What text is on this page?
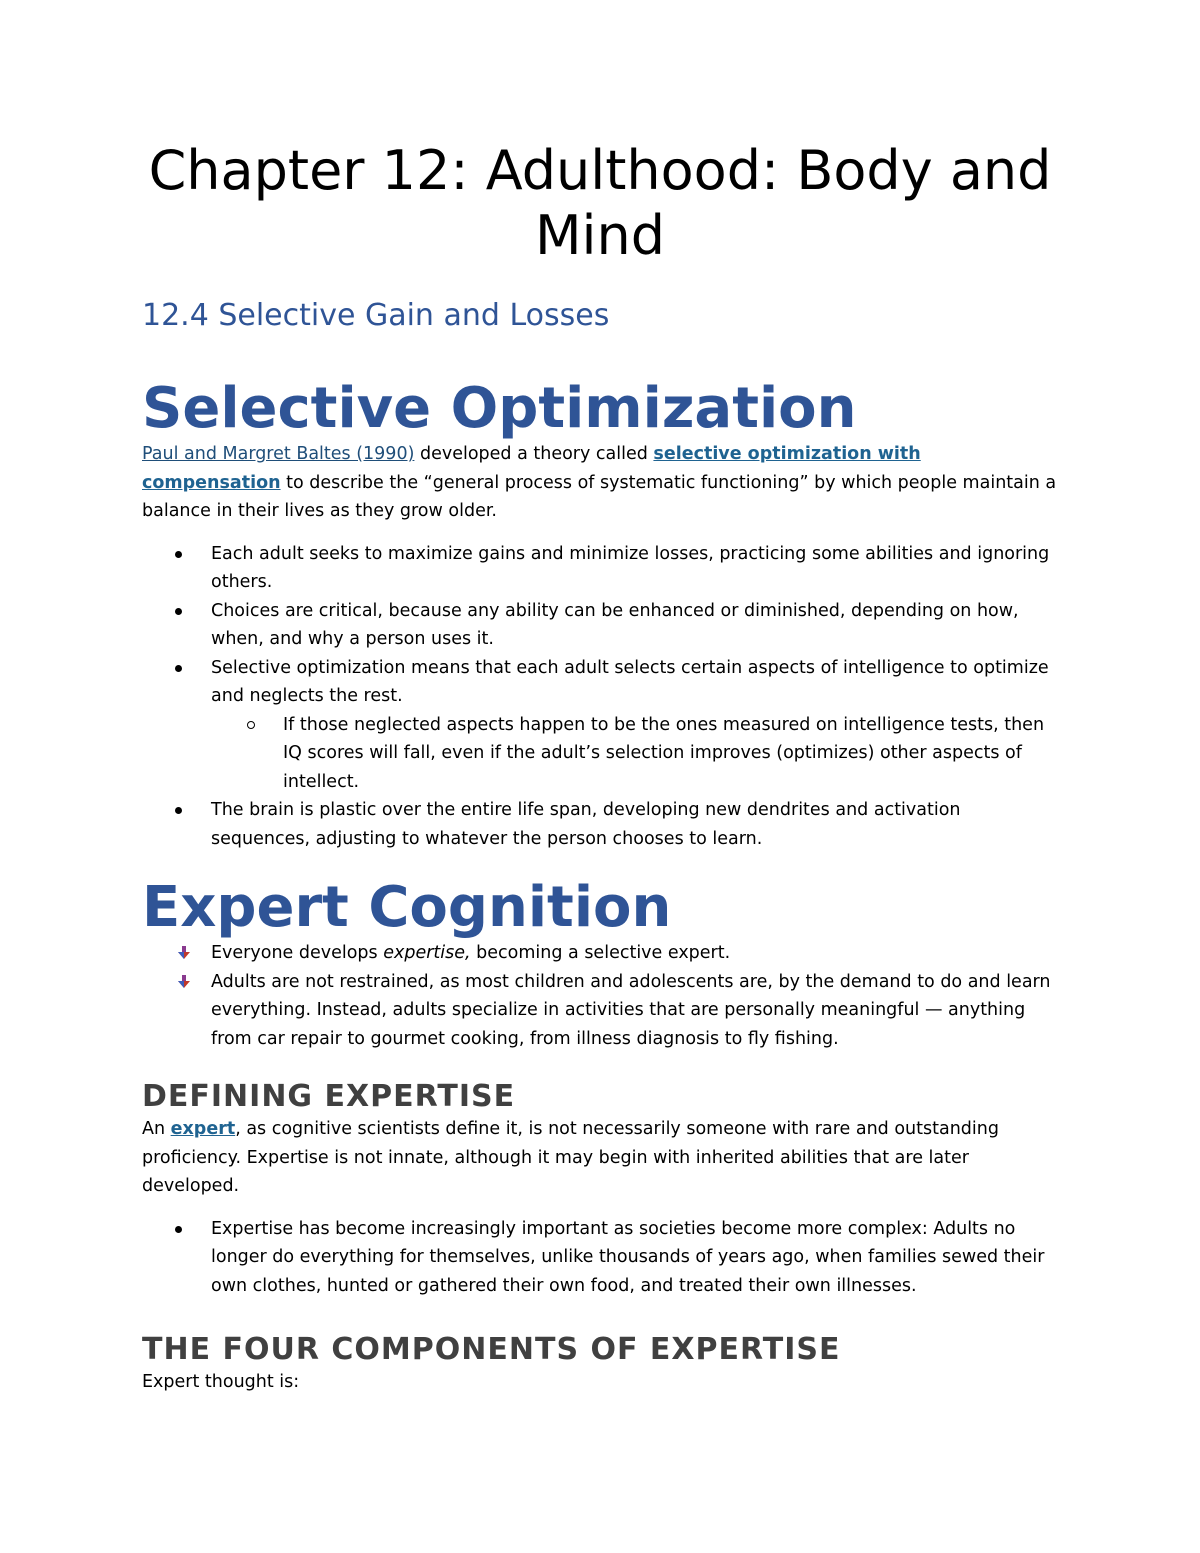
Chapter 12: Adulthood: Body and Mind
12.4 Selective Gain and Losses
Selective Optimization

Paul and Margret Baltes (1990) developed a theory called selective optimization with compensation to describe the “general process of systematic functioning” by which people maintain a balance in their lives as they grow older.

Each adult seeks to maximize gains and minimize losses, practicing some abilities and ignoring others.
Choices are critical, because any ability can be enhanced or diminished, depending on how, when, and why a person uses it.
Selective optimization means that each adult selects certain aspects of intelligence to optimize and neglects the rest.
If those neglected aspects happen to be the ones measured on intelligence tests, then IQ scores will fall, even if the adult’s selection improves (optimizes) other aspects of intellect.
The brain is plastic over the entire life span, developing new dendrites and activation sequences, adjusting to whatever the person chooses to learn.
Expert Cognition
Everyone develops expertise, becoming a selective expert.
Adults are not restrained, as most children and adolescents are, by the demand to do and learn everything. Instead, adults specialize in activities that are personally meaningful — anything from car repair to gourmet cooking, from illness diagnosis to fly fishing.
DEFINING EXPERTISE

An expert, as cognitive scientists define it, is not necessarily someone with rare and outstanding proficiency. Expertise is not innate, although it may begin with inherited abilities that are later developed.

Expertise has become increasingly important as societies become more complex: Adults no longer do everything for themselves, unlike thousands of years ago, when families sewed their own clothes, hunted or gathered their own food, and treated their own illnesses.
THE FOUR COMPONENTS OF EXPERTISE

Expert thought is:
